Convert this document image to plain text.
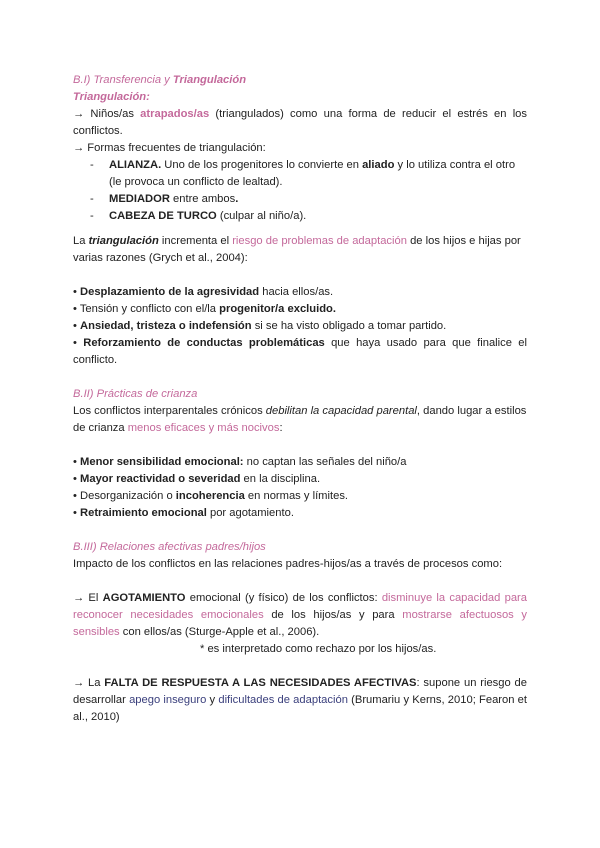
B.I) Transferencia y Triangulación
Triangulación:
→ Niños/as atrapados/as (triangulados) como una forma de reducir el estrés en los conflictos.
→ Formas frecuentes de triangulación:
- ALIANZA. Uno de los progenitores lo convierte en aliado y lo utiliza contra el otro
(le provoca un conflicto de lealtad).
- MEDIADOR entre ambos.
- CABEZA DE TURCO (culpar al niño/a).
La triangulación incrementa el riesgo de problemas de adaptación de los hijos e hijas por varias razones (Grych et al., 2004):
• Desplazamiento de la agresividad hacia ellos/as.
• Tensión y conflicto con el/la progenitor/a excluido.
• Ansiedad, tristeza o indefensión si se ha visto obligado a tomar partido.
• Reforzamiento de conductas problemáticas que haya usado para que finalice el conflicto.
B.II) Prácticas de crianza
Los conflictos interparentales crónicos debilitan la capacidad parental, dando lugar a estilos de crianza menos eficaces y más nocivos:
• Menor sensibilidad emocional: no captan las señales del niño/a
• Mayor reactividad o severidad en la disciplina.
• Desorganización o incoherencia en normas y límites.
• Retraimiento emocional por agotamiento.
B.III) Relaciones afectivas padres/hijos
Impacto de los conflictos en las relaciones padres-hijos/as a través de procesos como:
→ El AGOTAMIENTO emocional (y físico) de los conflictos: disminuye la capacidad para reconocer necesidades emocionales de los hijos/as y para mostrarse afectuosos y sensibles con ellos/as (Sturge-Apple et al., 2006).
* es interpretado como rechazo por los hijos/as.
→ La FALTA DE RESPUESTA A LAS NECESIDADES AFECTIVAS: supone un riesgo de desarrollar apego inseguro y dificultades de adaptación (Brumariu y Kerns, 2010; Fearon et al., 2010)
